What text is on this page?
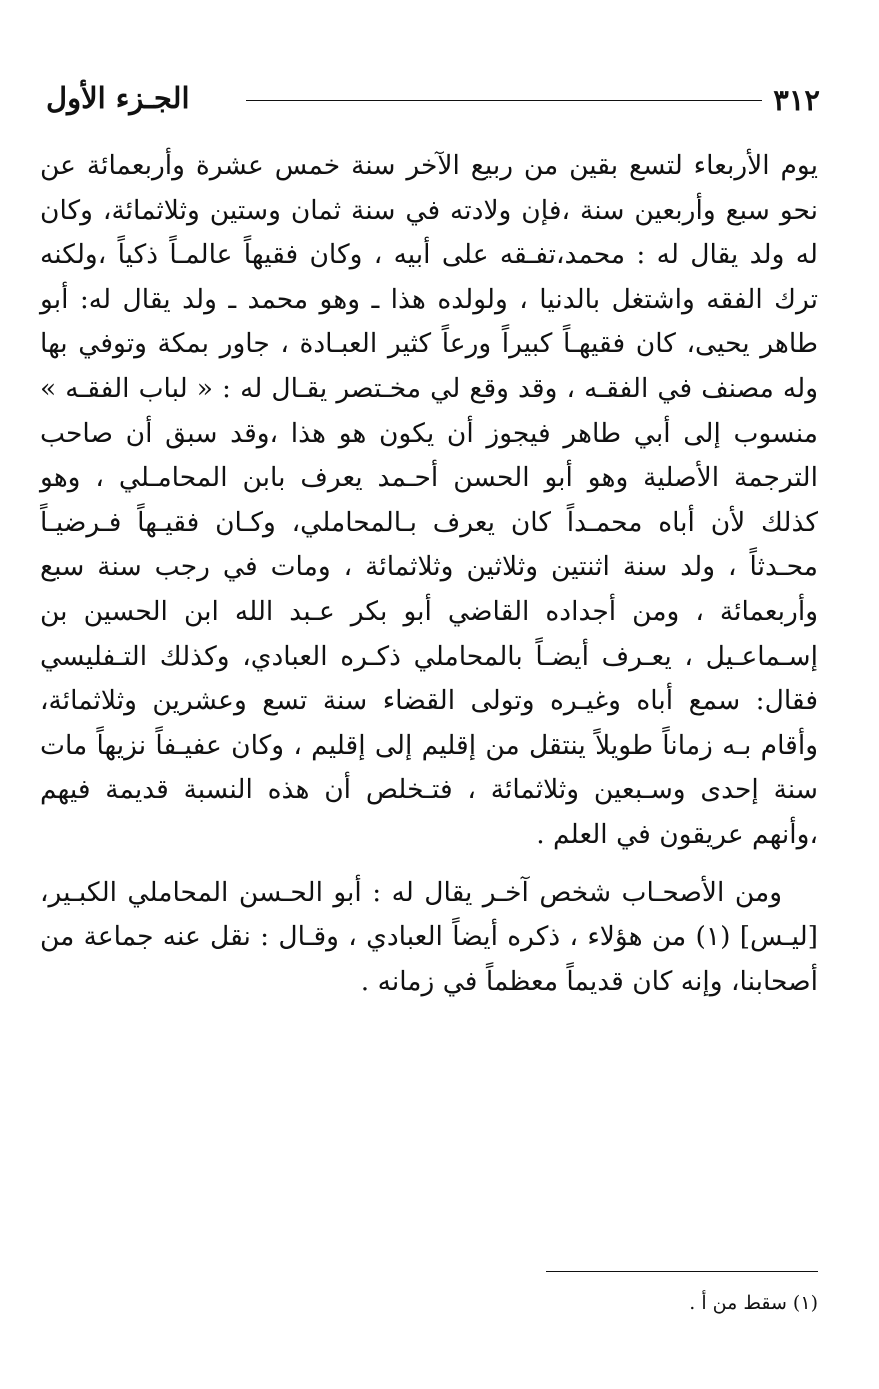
٣١٢
الجـزء الأول

يوم الأربعاء لتسع بقين من ربيع الآخر سنة خمس عشرة وأربعمائة عن نحو سبع وأربعين سنة ،فإن ولادته في سنة ثمان وستين وثلاثمائة، وكان له ولد يقال له : محمد،تفـقه على أبيه ، وكان فقيهاً عالمـاً ذكياً ،ولكنه ترك الفقه واشتغل بالدنيا ، ولولده هذا ـ وهو محمد ـ ولد يقال له: أبو طاهر يحيى، كان فقيهـاً كبيراً ورعاً كثير العبـادة ، جاور بمكة وتوفي بها وله مصنف في الفقـه ، وقد وقع لي مخـتصر يقـال له : « لباب الفقـه » منسوب إلى أبي طاهر فيجوز أن يكون هو هذا ،وقد سبق أن صاحب الترجمة الأصلية وهو أبو الحسن أحـمد يعرف بابن المحامـلي ، وهو كذلك لأن أباه محمـداً كان يعرف بـالمحاملي، وكـان فقيـهاً فـرضيـاً محـدثاً ، ولد سنة اثنتين وثلاثين وثلاثمائة ، ومات في رجب سنة سبع وأربعمائة ، ومن أجداده القاضي أبو بكر عـبد الله ابن الحسين بن إسـماعـيل ، يعـرف أيضـاً بالمحاملي ذكـره العبادي، وكذلك التـفليسي فقال: سمع أباه وغيـره وتولى القضاء سنة تسع وعشرين وثلاثمائة، وأقام بـه زماناً طويلاً ينتقل من إقليم إلى إقليم ، وكان عفيـفاً نزيهاً مات سنة إحدى وسـبعين وثلاثمائة ، فتـخلص أن هذه النسبة قديمة فيهم ،وأنهم عريقون في العلم .

ومن الأصحـاب شخص آخـر يقال له : أبو الحـسن المحاملي الكبـير، [ليـس] (١) من هؤلاء ، ذكره أيضاً العبادي ، وقـال : نقل عنه جماعة من أصحابنا، وإنه كان قديماً معظماً في زمانه .

(١) سقط من أ .
